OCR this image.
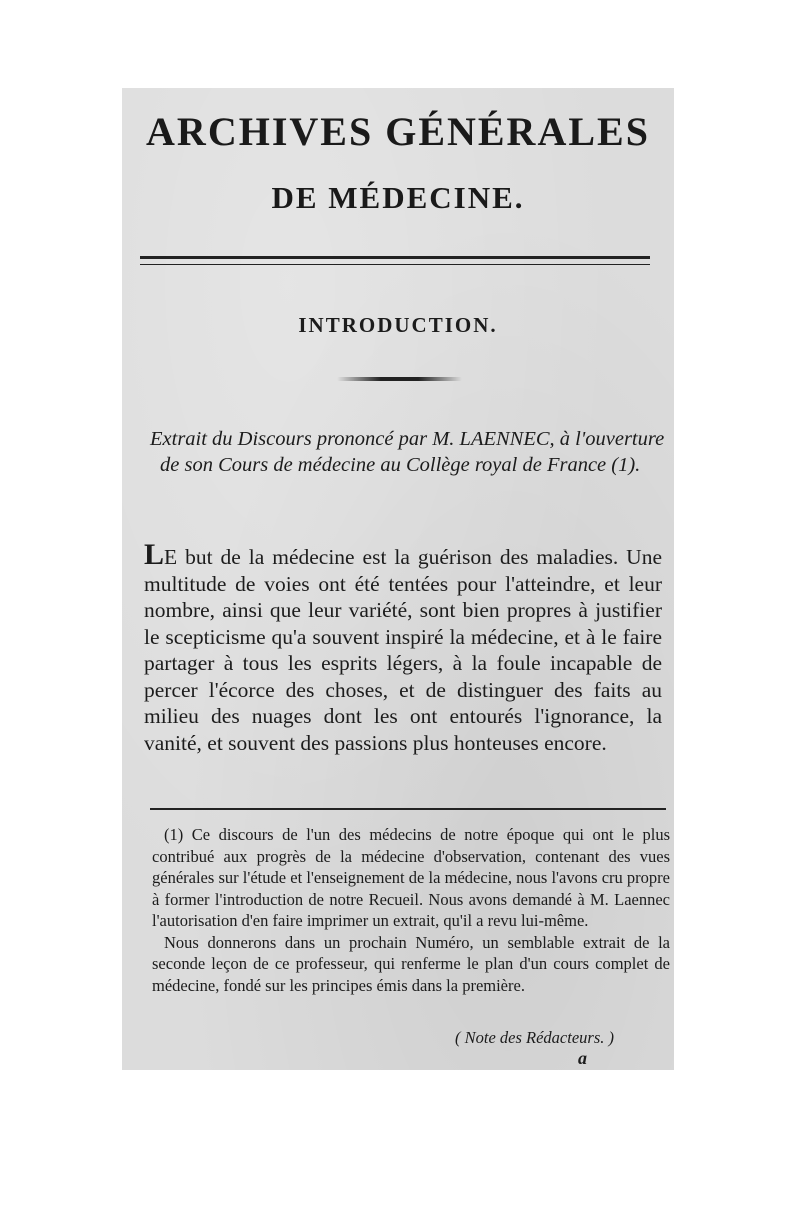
ARCHIVES GÉNÉRALES
DE MÉDECINE.
INTRODUCTION.
Extrait du Discours prononcé par M. LAENNEC, à l'ouverture de son Cours de médecine au Collège royal de France (1).
LE but de la médecine est la guérison des maladies. Une multitude de voies ont été tentées pour l'atteindre, et leur nombre, ainsi que leur variété, sont bien propres à justifier le scepticisme qu'a souvent inspiré la médecine, et à le faire partager à tous les esprits légers, à la foule incapable de percer l'écorce des choses, et de distinguer des faits au milieu des nuages dont les ont entourés l'ignorance, la vanité, et souvent des passions plus honteuses encore.

(1) Ce discours de l'un des médecins de notre époque qui ont le plus contribué aux progrès de la médecine d'observation, contenant des vues générales sur l'étude et l'enseignement de la médecine, nous l'avons cru propre à former l'introduction de notre Recueil. Nous avons demandé à M. Laennec l'autorisation d'en faire imprimer un extrait, qu'il a revu lui-même.

Nous donnerons dans un prochain Numéro, un semblable extrait de la seconde leçon de ce professeur, qui renferme le plan d'un cours complet de médecine, fondé sur les principes émis dans la première.

( Note des Rédacteurs. )
a
